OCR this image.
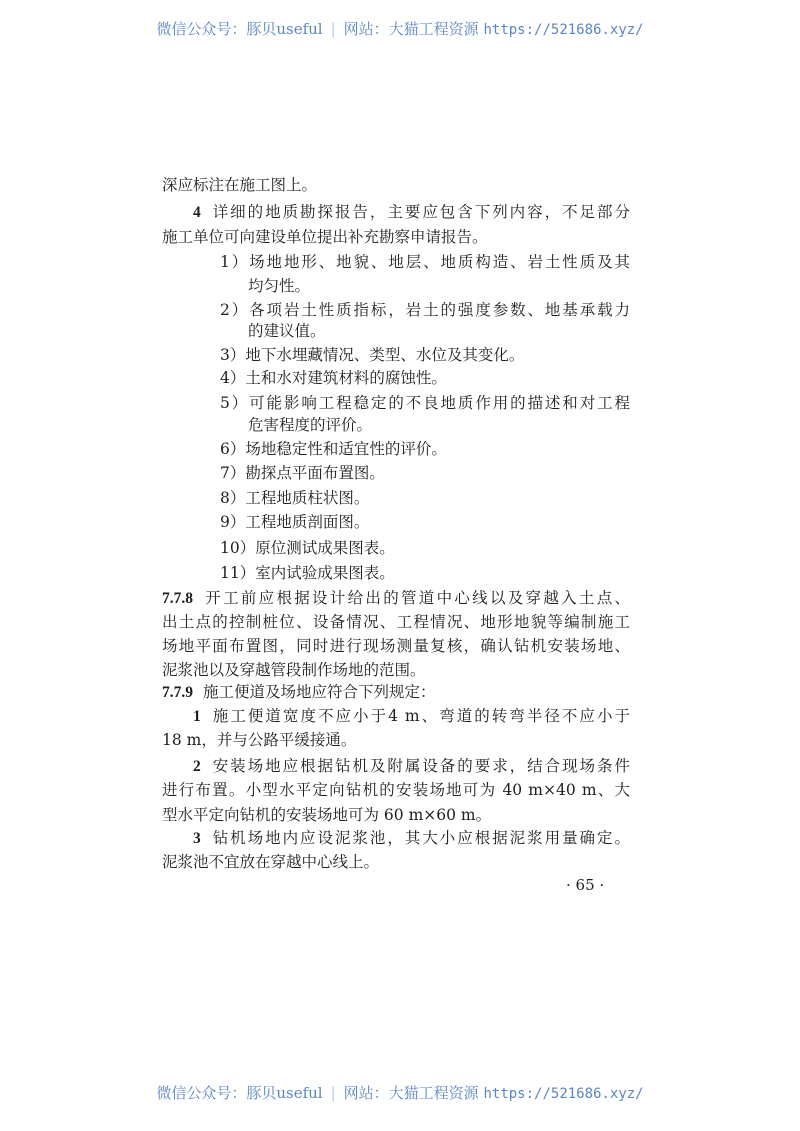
微信公众号：豚贝useful | 网站：大猫工程资源 https://521686.xyz/
深应标注在施工图上。
4 详细的地质勘探报告，主要应包含下列内容，不足部分
施工单位可向建设单位提出补充勘察申请报告。
1）场地地形、地貌、地层、地质构造、岩土性质及其
均匀性。
2）各项岩土性质指标，岩土的强度参数、地基承载力
的建议值。
3）地下水埋藏情况、类型、水位及其变化。
4）土和水对建筑材料的腐蚀性。
5）可能影响工程稳定的不良地质作用的描述和对工程
危害程度的评价。
6）场地稳定性和适宜性的评价。
7）勘探点平面布置图。
8）工程地质柱状图。
9）工程地质剖面图。
10）原位测试成果图表。
11）室内试验成果图表。
7.7.8 开工前应根据设计给出的管道中心线以及穿越入土点、
出土点的控制桩位、设备情况、工程情况、地形地貌等编制施工
场地平面布置图，同时进行现场测量复核，确认钻机安装场地、
泥浆池以及穿越管段制作场地的范围。
7.7.9 施工便道及场地应符合下列规定：
1 施工便道宽度不应小于4 m、弯道的转弯半径不应小于
18 m，并与公路平缓接通。
2 安装场地应根据钻机及附属设备的要求，结合现场条件
进行布置。小型水平定向钻机的安装场地可为 40 m×40 m、大
型水平定向钻机的安装场地可为 60 m×60 m。
3 钻机场地内应设泥浆池，其大小应根据泥浆用量确定。
泥浆池不宜放在穿越中心线上。
· 65 ·
微信公众号：豚贝useful | 网站：大猫工程资源 https://521686.xyz/
